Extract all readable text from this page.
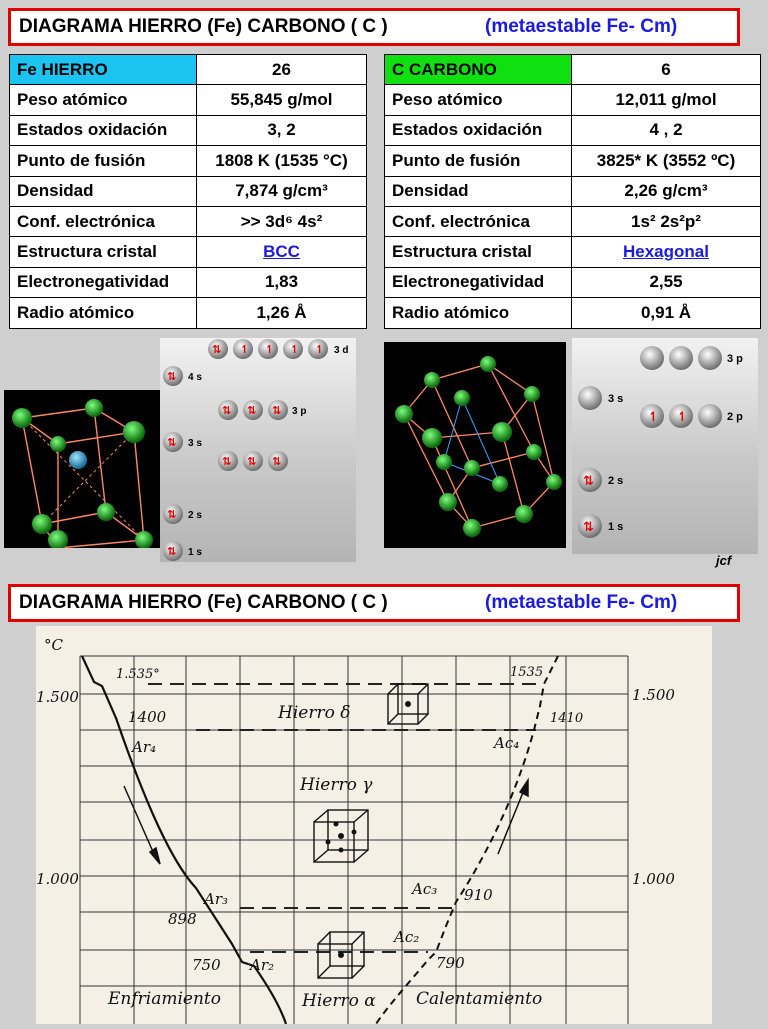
DIAGRAMA HIERRO (Fe) CARBONO ( C )	(metaestable Fe- Cm)
Fe HIERRO	26
Peso atómico	55,845 g/mol
Estados oxidación	3, 2
Punto de fusión	1808 K (1535 °C)
Densidad	7,874 g/cm³
Conf. electrónica	>> 3d⁶ 4s²
Estructura cristal	BCC
Electronegatividad	1,83
Radio atómico	1,26 Å
C CARBONO	6
Peso atómico	12,011 g/mol
Estados oxidación	4 , 2
Punto de fusión	3825* K (3552 ºC)
Densidad	2,26 g/cm³
Conf. electrónica	1s² 2s²p²
Estructura cristal	Hexagonal
Electronegatividad	2,55
Radio atómico	0,91 Å
3 d
4 s
3 p
3 s
2 s
1 s
⇅ ↿ ↿ ↿ ↿
⇅
⇅ ⇅ ⇅
⇅
⇅ ⇅ ⇅
⇅
⇅
3 p
3 s
2 p
2 s
1 s
↿ ↿
⇅
⇅
jcf
DIAGRAMA HIERRO (Fe) CARBONO ( C )	(metaestable Fe- Cm)
°C
1.500
1.000
1.500
1.000
1.535°	1535
1400	1410
898
910
750	790
Ar₄	Ac₄
Ar₃
Ac₃
Ar₂
Ac₂
Hierro δ
Hierro γ
Hierro α
Enfriamiento	Calentamiento
